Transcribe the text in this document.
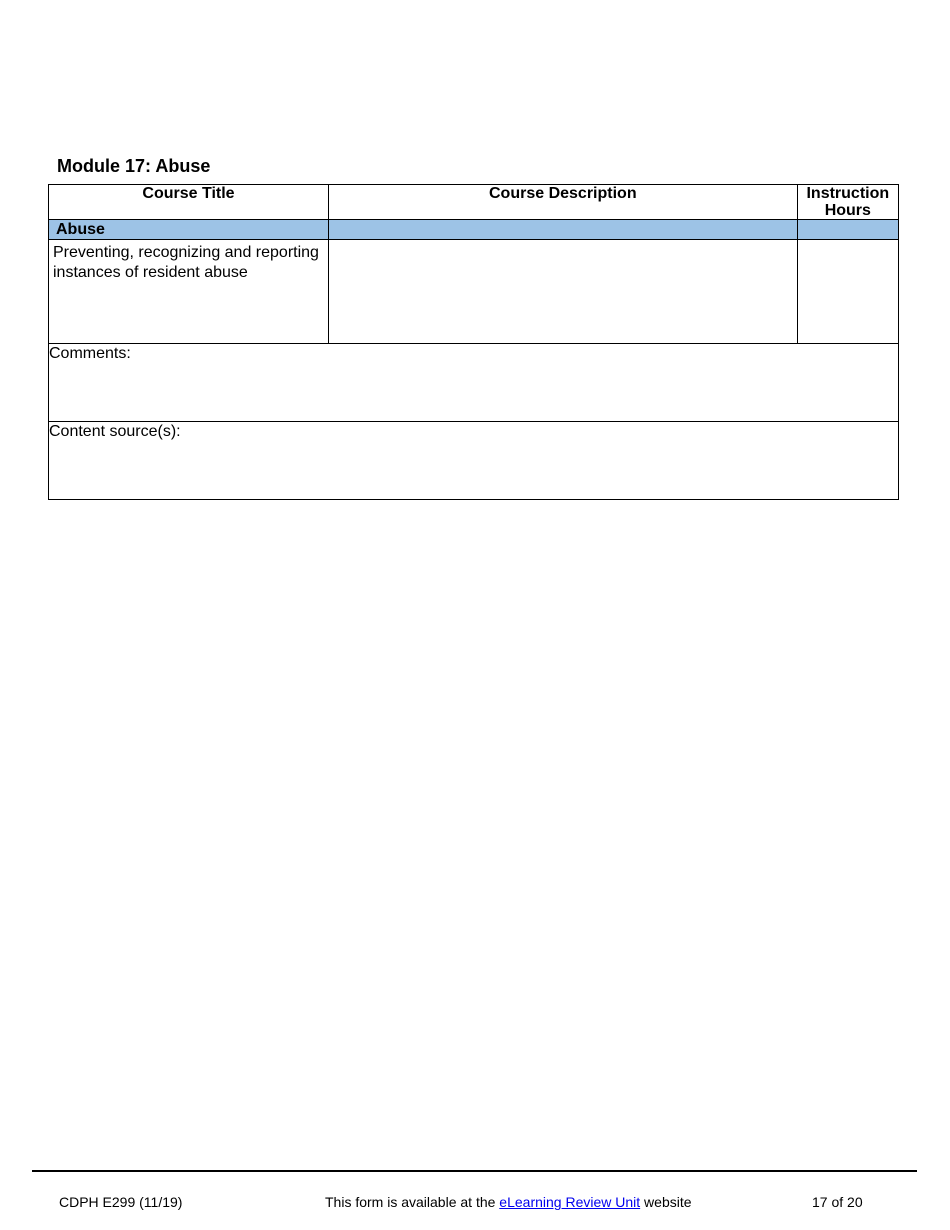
Module 17: Abuse
Course Title	Course Description	Instruction
Hours

Abuse		

Preventing, recognizing and reporting instances of resident abuse		

Comments:		
Content source(s):		
CDPH E299 (11/19)	This form is available at the eLearning Review Unit website	17 of 20
